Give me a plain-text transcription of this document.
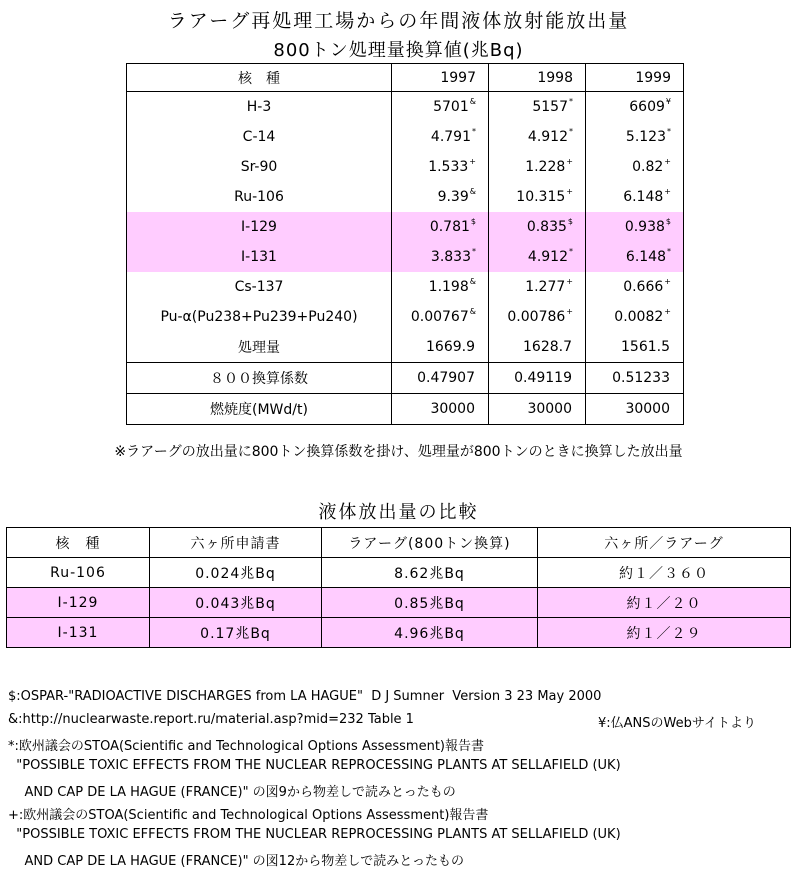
ラアーグ再処理工場からの年間液体放射能放出量
800トン処理量換算値(兆Bq)
核　種	1997	1998	1999
H-3	5701&	5157*	6609¥
C-14	4.791*	4.912*	5.123*
Sr-90	1.533+	1.228+	0.82+
Ru-106	9.39&	10.315+	6.148+
I-129	0.781$	0.835$	0.938$
I-131	3.833*	4.912*	6.148*
Cs-137	1.198&	1.277+	0.666+
Pu-α(Pu238+Pu239+Pu240)	0.00767&	0.00786+	0.0082+
処理量	1669.9	1628.7	1561.5
８００換算係数	0.47907	0.49119	0.51233
燃焼度(MWd/t)	30000	30000	30000
※ラアーグの放出量に800トン換算係数を掛け、処理量が800トンのときに換算した放出量
液体放出量の比較
核　種	六ヶ所申請書	ラアーグ(800トン換算)	六ヶ所／ラアーグ
Ru-106	0.024兆Bq	8.62兆Bq	約１／３６０
I-129	0.043兆Bq	0.85兆Bq	約１／２０
I-131	0.17兆Bq	4.96兆Bq	約１／２９
$:OSPAR-"RADIOACTIVE DISCHARGES from LA HAGUE"  D J Sumner  Version 3 23 May 2000
&:http://nuclearwaste.report.ru/material.asp?mid=232 Table 1
*:欧州議会のSTOA(Scientific and Technological Options Assessment)報告書
"POSSIBLE TOXIC EFFECTS FROM THE NUCLEAR REPROCESSING PLANTS AT SELLAFIELD (UK)
AND CAP DE LA HAGUE (FRANCE)" の図9から物差しで読みとったもの
+:欧州議会のSTOA(Scientific and Technological Options Assessment)報告書
"POSSIBLE TOXIC EFFECTS FROM THE NUCLEAR REPROCESSING PLANTS AT SELLAFIELD (UK)
AND CAP DE LA HAGUE (FRANCE)" の図12から物差しで読みとったもの
¥:仏ANSのWebサイトより
